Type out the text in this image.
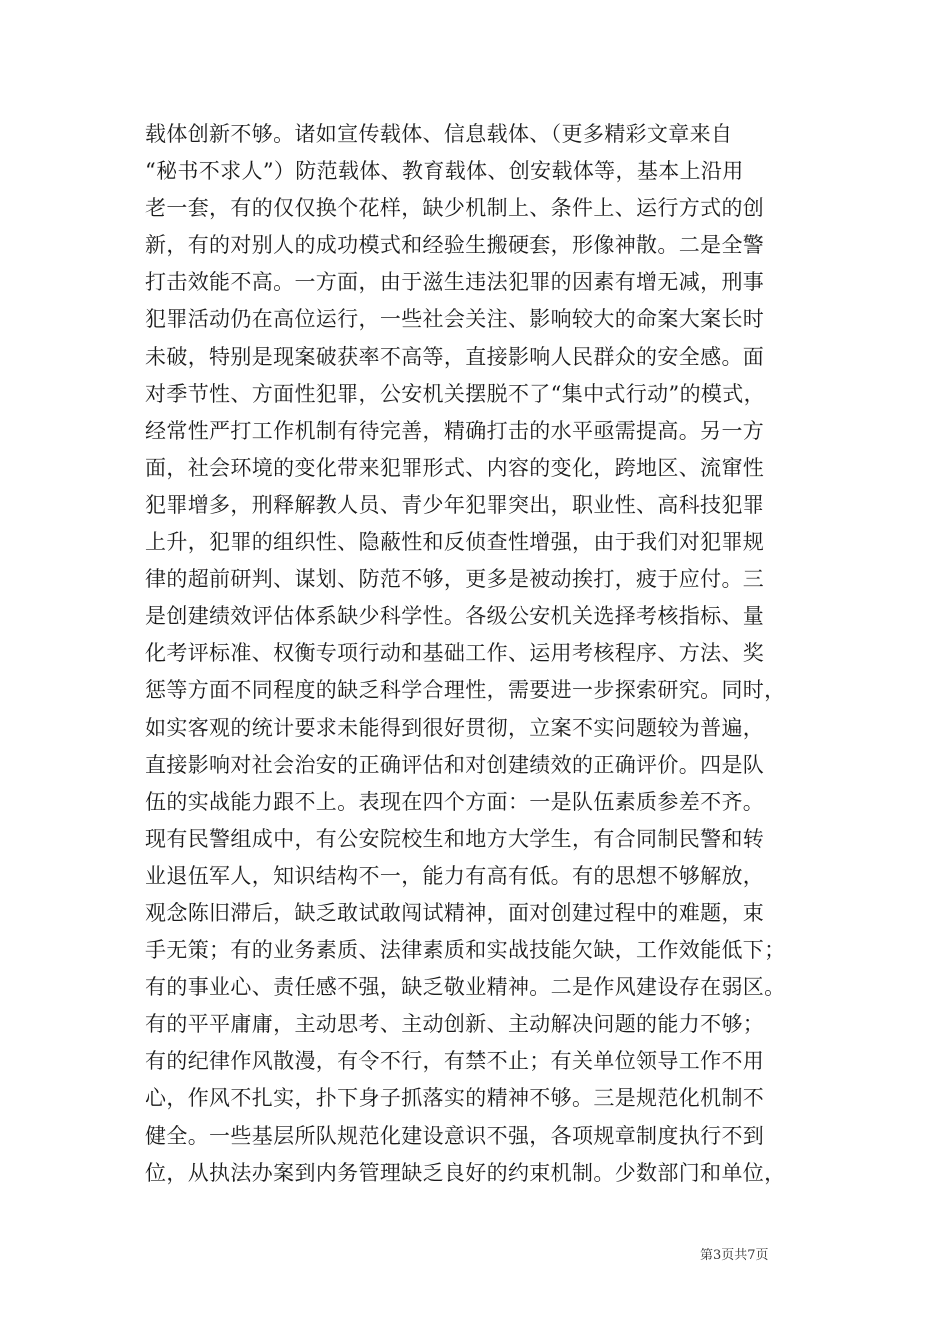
载体创新不够。诸如宣传载体、信息载体、（更多精彩文章来自
“秘书不求人”）防范载体、教育载体、创安载体等，基本上沿用
老一套，有的仅仅换个花样，缺少机制上、条件上、运行方式的创
新，有的对别人的成功模式和经验生搬硬套，形像神散。二是全警
打击效能不高。一方面，由于滋生违法犯罪的因素有增无减，刑事
犯罪活动仍在高位运行，一些社会关注、影响较大的命案大案长时
未破，特别是现案破获率不高等，直接影响人民群众的安全感。面
对季节性、方面性犯罪，公安机关摆脱不了“集中式行动”的模式，
经常性严打工作机制有待完善，精确打击的水平亟需提高。另一方
面，社会环境的变化带来犯罪形式、内容的变化，跨地区、流窜性
犯罪增多，刑释解教人员、青少年犯罪突出，职业性、高科技犯罪
上升，犯罪的组织性、隐蔽性和反侦查性增强，由于我们对犯罪规
律的超前研判、谋划、防范不够，更多是被动挨打，疲于应付。三
是创建绩效评估体系缺少科学性。各级公安机关选择考核指标、量
化考评标准、权衡专项行动和基础工作、运用考核程序、方法、奖
惩等方面不同程度的缺乏科学合理性，需要进一步探索研究。同时，
如实客观的统计要求未能得到很好贯彻，立案不实问题较为普遍，
直接影响对社会治安的正确评估和对创建绩效的正确评价。四是队
伍的实战能力跟不上。表现在四个方面：一是队伍素质参差不齐。
现有民警组成中，有公安院校生和地方大学生，有合同制民警和转
业退伍军人，知识结构不一，能力有高有低。有的思想不够解放，
观念陈旧滞后，缺乏敢试敢闯试精神，面对创建过程中的难题，束
手无策；有的业务素质、法律素质和实战技能欠缺，工作效能低下；
有的事业心、责任感不强，缺乏敬业精神。二是作风建设存在弱区。
有的平平庸庸，主动思考、主动创新、主动解决问题的能力不够；
有的纪律作风散漫，有令不行，有禁不止；有关单位领导工作不用
心，作风不扎实，扑下身子抓落实的精神不够。三是规范化机制不
健全。一些基层所队规范化建设意识不强，各项规章制度执行不到
位，从执法办案到内务管理缺乏良好的约束机制。少数部门和单位，
第3页共7页
